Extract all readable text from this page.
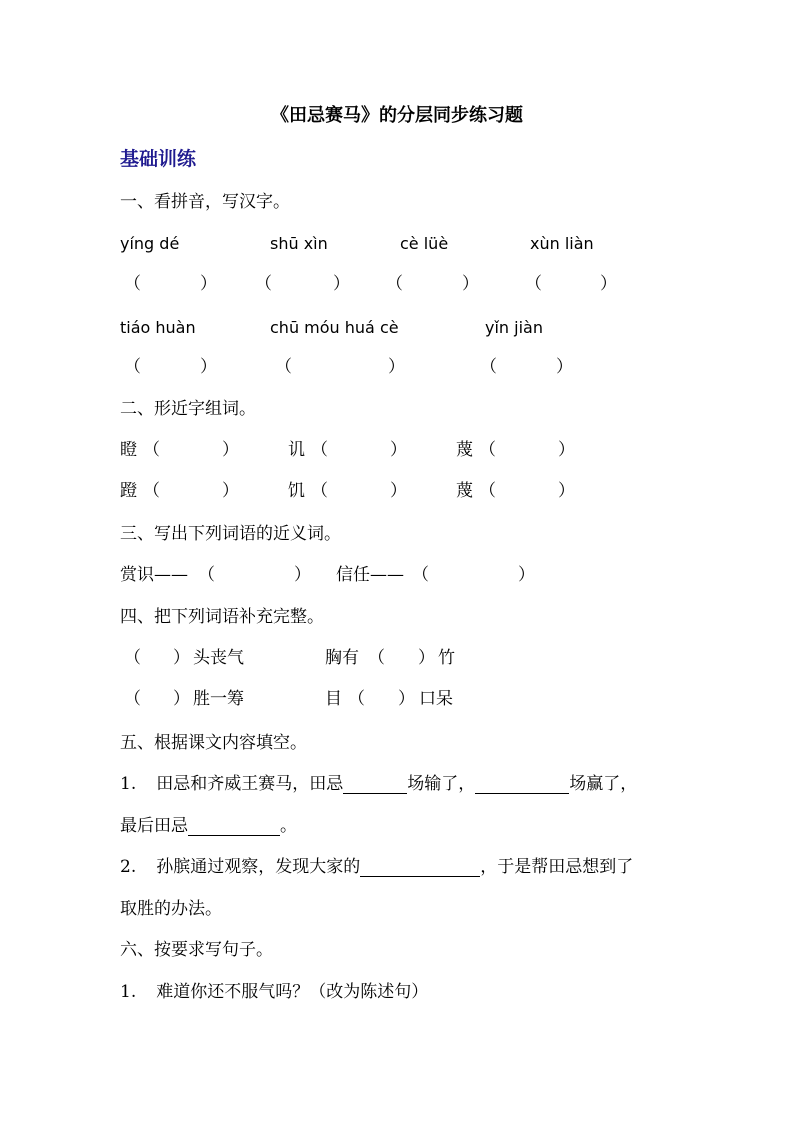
《田忌赛马》的分层同步练习题
基础训练
一、看拼音，写汉字。
yíng dé	shū xìn	cè lüè	xùn liàn
（	） （	） （	）	（	）
tiáo huàn	chū móu huá cè	yǐn jiàn
（	）	（	）	（	）
二、形近字组词。
瞪 （	）	讥 （	）	蔑 （	）
蹬 （	）	饥 （	）	蔑 （	）
三、写出下列词语的近义词。
赏识—— （	） 信任—— （	）
四、把下列词语补充完整。
（ ） 头丧气	胸有 （ ） 竹
（ ） 胜一筹	目 （ ） 口呆
五、根据课文内容填空。
1. 田忌和齐威王赛马，田忌	场输了，	场赢了，
最后田忌	。
2. 孙膑通过观察，发现大家的	，于是帮田忌想到了
取胜的办法。
六、按要求写句子。
1. 难道你还不服气吗？（改为陈述句）
